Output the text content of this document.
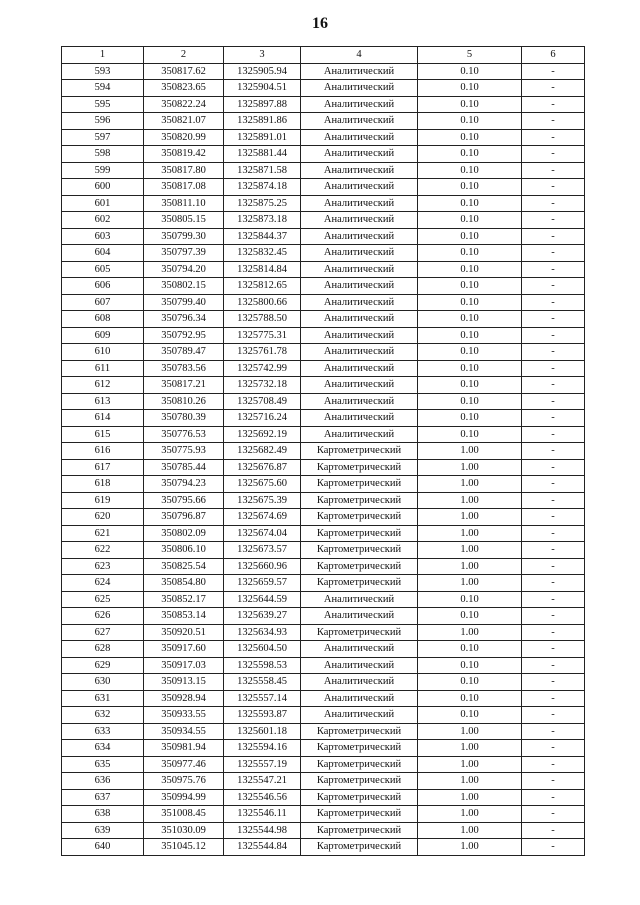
16
1	2	3	4	5	6
593	350817.62	1325905.94	Аналитический	0.10	-
594	350823.65	1325904.51	Аналитический	0.10	-
595	350822.24	1325897.88	Аналитический	0.10	-
596	350821.07	1325891.86	Аналитический	0.10	-
597	350820.99	1325891.01	Аналитический	0.10	-
598	350819.42	1325881.44	Аналитический	0.10	-
599	350817.80	1325871.58	Аналитический	0.10	-
600	350817.08	1325874.18	Аналитический	0.10	-
601	350811.10	1325875.25	Аналитический	0.10	-
602	350805.15	1325873.18	Аналитический	0.10	-
603	350799.30	1325844.37	Аналитический	0.10	-
604	350797.39	1325832.45	Аналитический	0.10	-
605	350794.20	1325814.84	Аналитический	0.10	-
606	350802.15	1325812.65	Аналитический	0.10	-
607	350799.40	1325800.66	Аналитический	0.10	-
608	350796.34	1325788.50	Аналитический	0.10	-
609	350792.95	1325775.31	Аналитический	0.10	-
610	350789.47	1325761.78	Аналитический	0.10	-
611	350783.56	1325742.99	Аналитический	0.10	-
612	350817.21	1325732.18	Аналитический	0.10	-
613	350810.26	1325708.49	Аналитический	0.10	-
614	350780.39	1325716.24	Аналитический	0.10	-
615	350776.53	1325692.19	Аналитический	0.10	-
616	350775.93	1325682.49	Картометрический	1.00	-
617	350785.44	1325676.87	Картометрический	1.00	-
618	350794.23	1325675.60	Картометрический	1.00	-
619	350795.66	1325675.39	Картометрический	1.00	-
620	350796.87	1325674.69	Картометрический	1.00	-
621	350802.09	1325674.04	Картометрический	1.00	-
622	350806.10	1325673.57	Картометрический	1.00	-
623	350825.54	1325660.96	Картометрический	1.00	-
624	350854.80	1325659.57	Картометрический	1.00	-
625	350852.17	1325644.59	Аналитический	0.10	-
626	350853.14	1325639.27	Аналитический	0.10	-
627	350920.51	1325634.93	Картометрический	1.00	-
628	350917.60	1325604.50	Аналитический	0.10	-
629	350917.03	1325598.53	Аналитический	0.10	-
630	350913.15	1325558.45	Аналитический	0.10	-
631	350928.94	1325557.14	Аналитический	0.10	-
632	350933.55	1325593.87	Аналитический	0.10	-
633	350934.55	1325601.18	Картометрический	1.00	-
634	350981.94	1325594.16	Картометрический	1.00	-
635	350977.46	1325557.19	Картометрический	1.00	-
636	350975.76	1325547.21	Картометрический	1.00	-
637	350994.99	1325546.56	Картометрический	1.00	-
638	351008.45	1325546.11	Картометрический	1.00	-
639	351030.09	1325544.98	Картометрический	1.00	-
640	351045.12	1325544.84	Картометрический	1.00	-
